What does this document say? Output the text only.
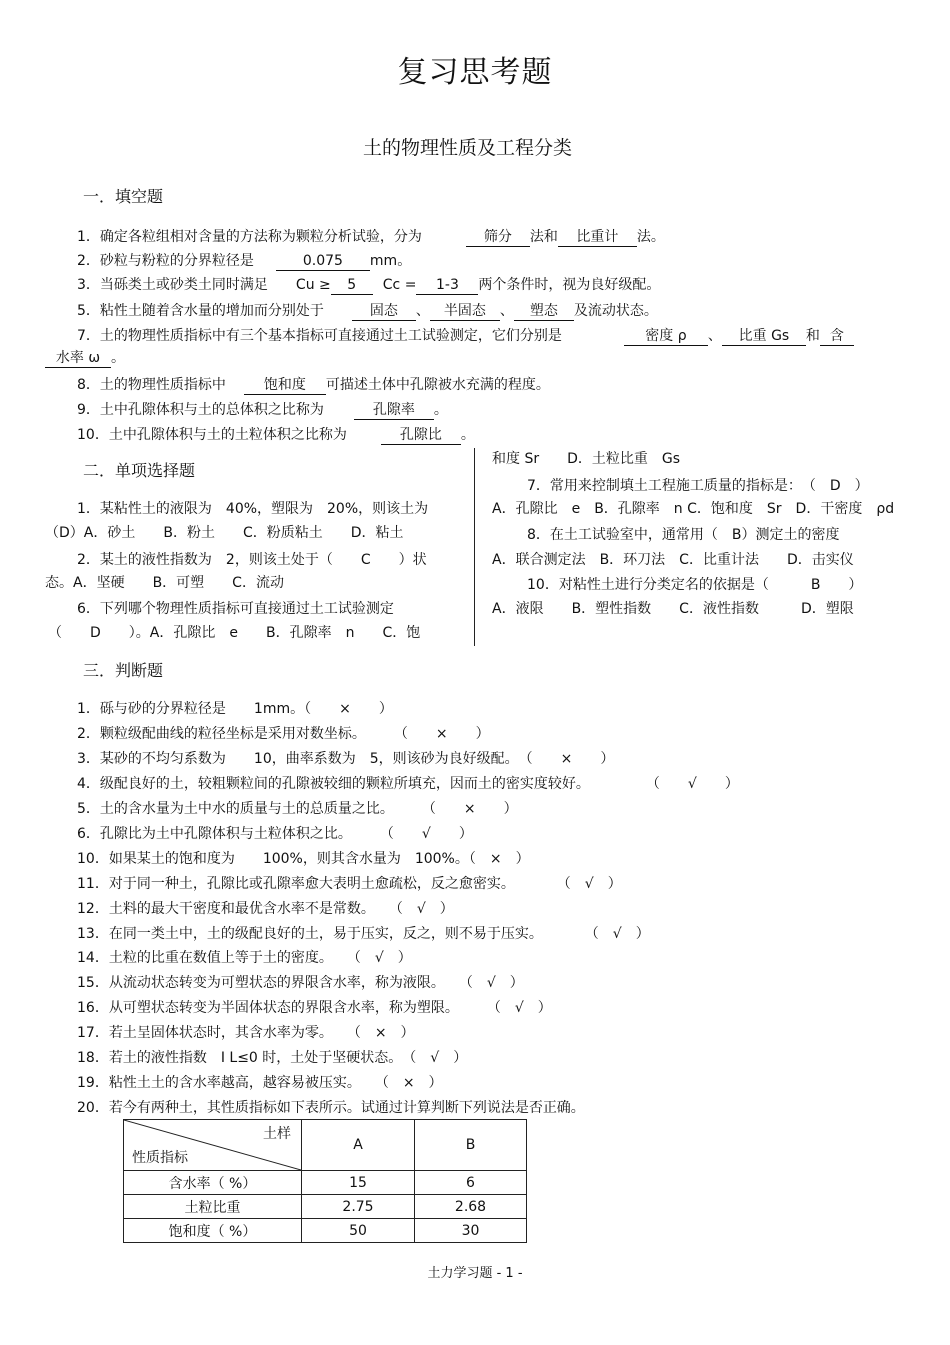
复习思考题
土的物理性质及工程分类
一．填空题
1．确定各粒组相对含量的方法称为颗粒分析试验，分为	筛分 法和 比重计 法。
2．砂粒与粉粒的分界粒径是	0.075 mm。
3．当砾类土或砂类土同时满足 Cu ≥ 5 Cc = 1-3 两个条件时，视为良好级配。
5．粘性土随着含水量的增加而分别处于	固态 、 半固态 、 塑态 及流动状态。
7．土的物理性质指标中有三个基本指标可直接通过土工试验测定，它们分别是	密度 ρ 、 比重 Gs 和 含
水率 ω 。
8．土的物理性质指标中	饱和度 可描述土体中孔隙被水充满的程度。
9．土中孔隙体积与土的总体积之比称为	孔隙率 。
10．土中孔隙体积与土的土粒体积之比称为	孔隙比 。
二．单项选择题
1．某粘性土的液限为　40%，塑限为　20%，则该土为
（D）A．砂土　　B．粉土　　C．粉质粘土　　D．粘土
2．某土的液性指数为　2，则该土处于（　　C　　）状
态。A．坚硬　　B．可塑　　C．流动
6．下列哪个物理性质指标可直接通过土工试验测定
（　　D　　）。A．孔隙比　e　　B．孔隙率　n　　C．饱
和度 Sr　　D．土粒比重　Gs
7．常用来控制填土工程施工质量的指标是：　（　D　）
A．孔隙比　e　B．孔隙率　n C．饱和度　Sr　D．干密度　ρd
8．在土工试验室中，通常用（　B）测定土的密度
A．联合测定法　B．环刀法　C．比重计法　　D．击实仪
10．对粘性土进行分类定名的依据是（　　　B　　）
A．液限　　B．塑性指数　　C．液性指数　　　D．塑限
三．判断题
1．砾与砂的分界粒径是　　1mm。（　　×　　）
2．颗粒级配曲线的粒径坐标是采用对数坐标。　　　（　　×　　）
3．某砂的不均匀系数为　　10，曲率系数为　5，则该砂为良好级配。　（　　×　　）
4．级配良好的土，较粗颗粒间的孔隙被较细的颗粒所填充，因而土的密实度较好。　　　　　（　　√　　）
5．土的含水量为土中水的质量与土的总质量之比。　　　（　　×　　）
6．孔隙比为土中孔隙体积与土粒体积之比。　　　（　　√　　）
10．如果某土的饱和度为　　100%，则其含水量为　100%。（　×　）
11．对于同一种土，孔隙比或孔隙率愈大表明土愈疏松，反之愈密实。　　　　（　√　）
12．土料的最大干密度和最优含水率不是常数。　　（　√　）
13．在同一类土中，土的级配良好的土，易于压实，反之，则不易于压实。　　　　（　√　）
14．土粒的比重在数值上等于土的密度。　　（　√　）
15．从流动状态转变为可塑状态的界限含水率，称为液限。　　（　√　）
16．从可塑状态转变为半固体状态的界限含水率，称为塑限。　　　（　√　）
17．若土呈固体状态时，其含水率为零。　　（　×　）
18．若土的液性指数　I L≤0 时，土处于坚硬状态。　（　√　）
19．粘性土土的含水率越高，越容易被压实。　　（　×　）
20．若今有两种土，其性质指标如下表所示。试通过计算判断下列说法是否正确。
土样
性质指标	A	B
含水率（ %）	15	6
土粒比重	2.75	2.68
饱和度（ %）	50	30
土力学习题 - 1 -
